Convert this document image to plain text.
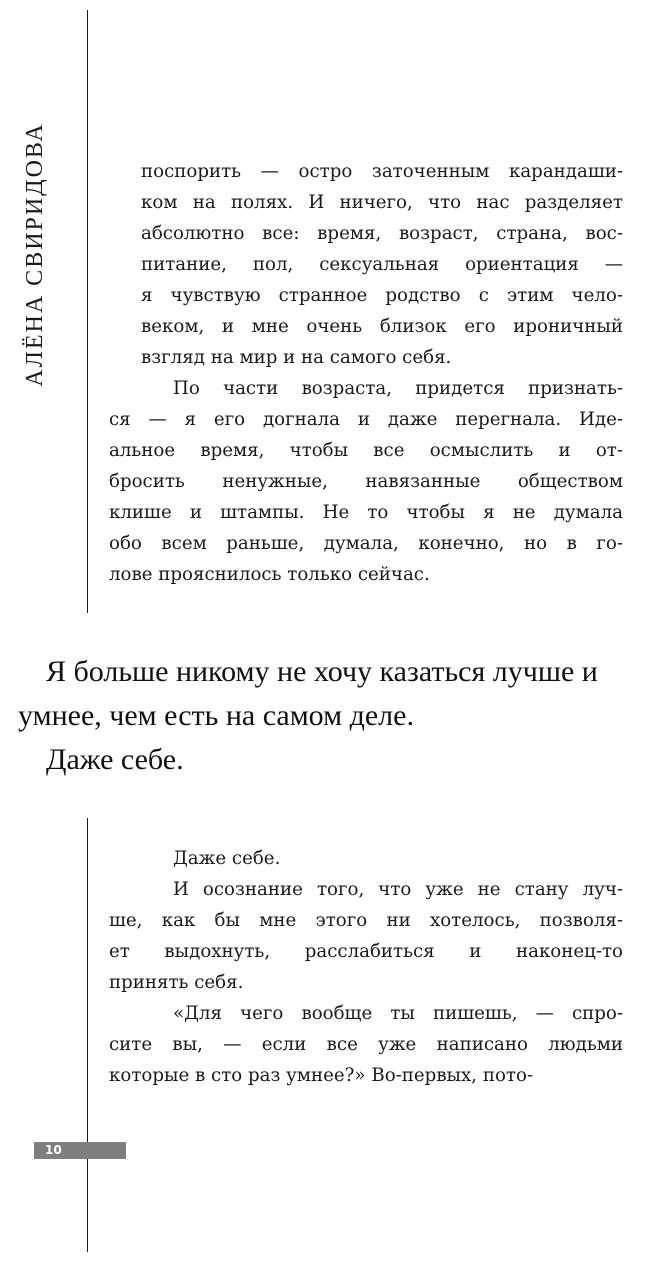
АЛЁНА СВИРИДОВА	поспорить — остро заточенным карандаши-
ком на полях. И ничего, что нас разделяет
абсолютно все: время, возраст, страна, вос-
питание, пол, сексуальная ориентация —
я чувствую странное родство с этим чело-
веком, и мне очень близок его ироничный
взгляд на мир и на самого себя.

По части возраста, придется признать-
ся — я его догнала и даже перегнала. Иде-
альное время, чтобы все осмыслить и от-
бросить ненужные, навязанные обществом
клише и штампы. Не то чтобы я не думала
обо всем раньше, думала, конечно, но в го-
лове прояснилось только сейчас.

Я больше никому не хочу казаться лучше и

умнее, чем есть на самом деле.

Даже себе.

Даже себе.

И осознание того, что уже не стану луч-
ше, как бы мне этого ни хотелось, позволя-
ет выдохнуть, расслабиться и наконец-то
принять себя.

«Для чего вообще ты пишешь, — спро-
сите вы, — если все уже написано людьми
которые в сто раз умнее?» Во-первых, пото-

10
